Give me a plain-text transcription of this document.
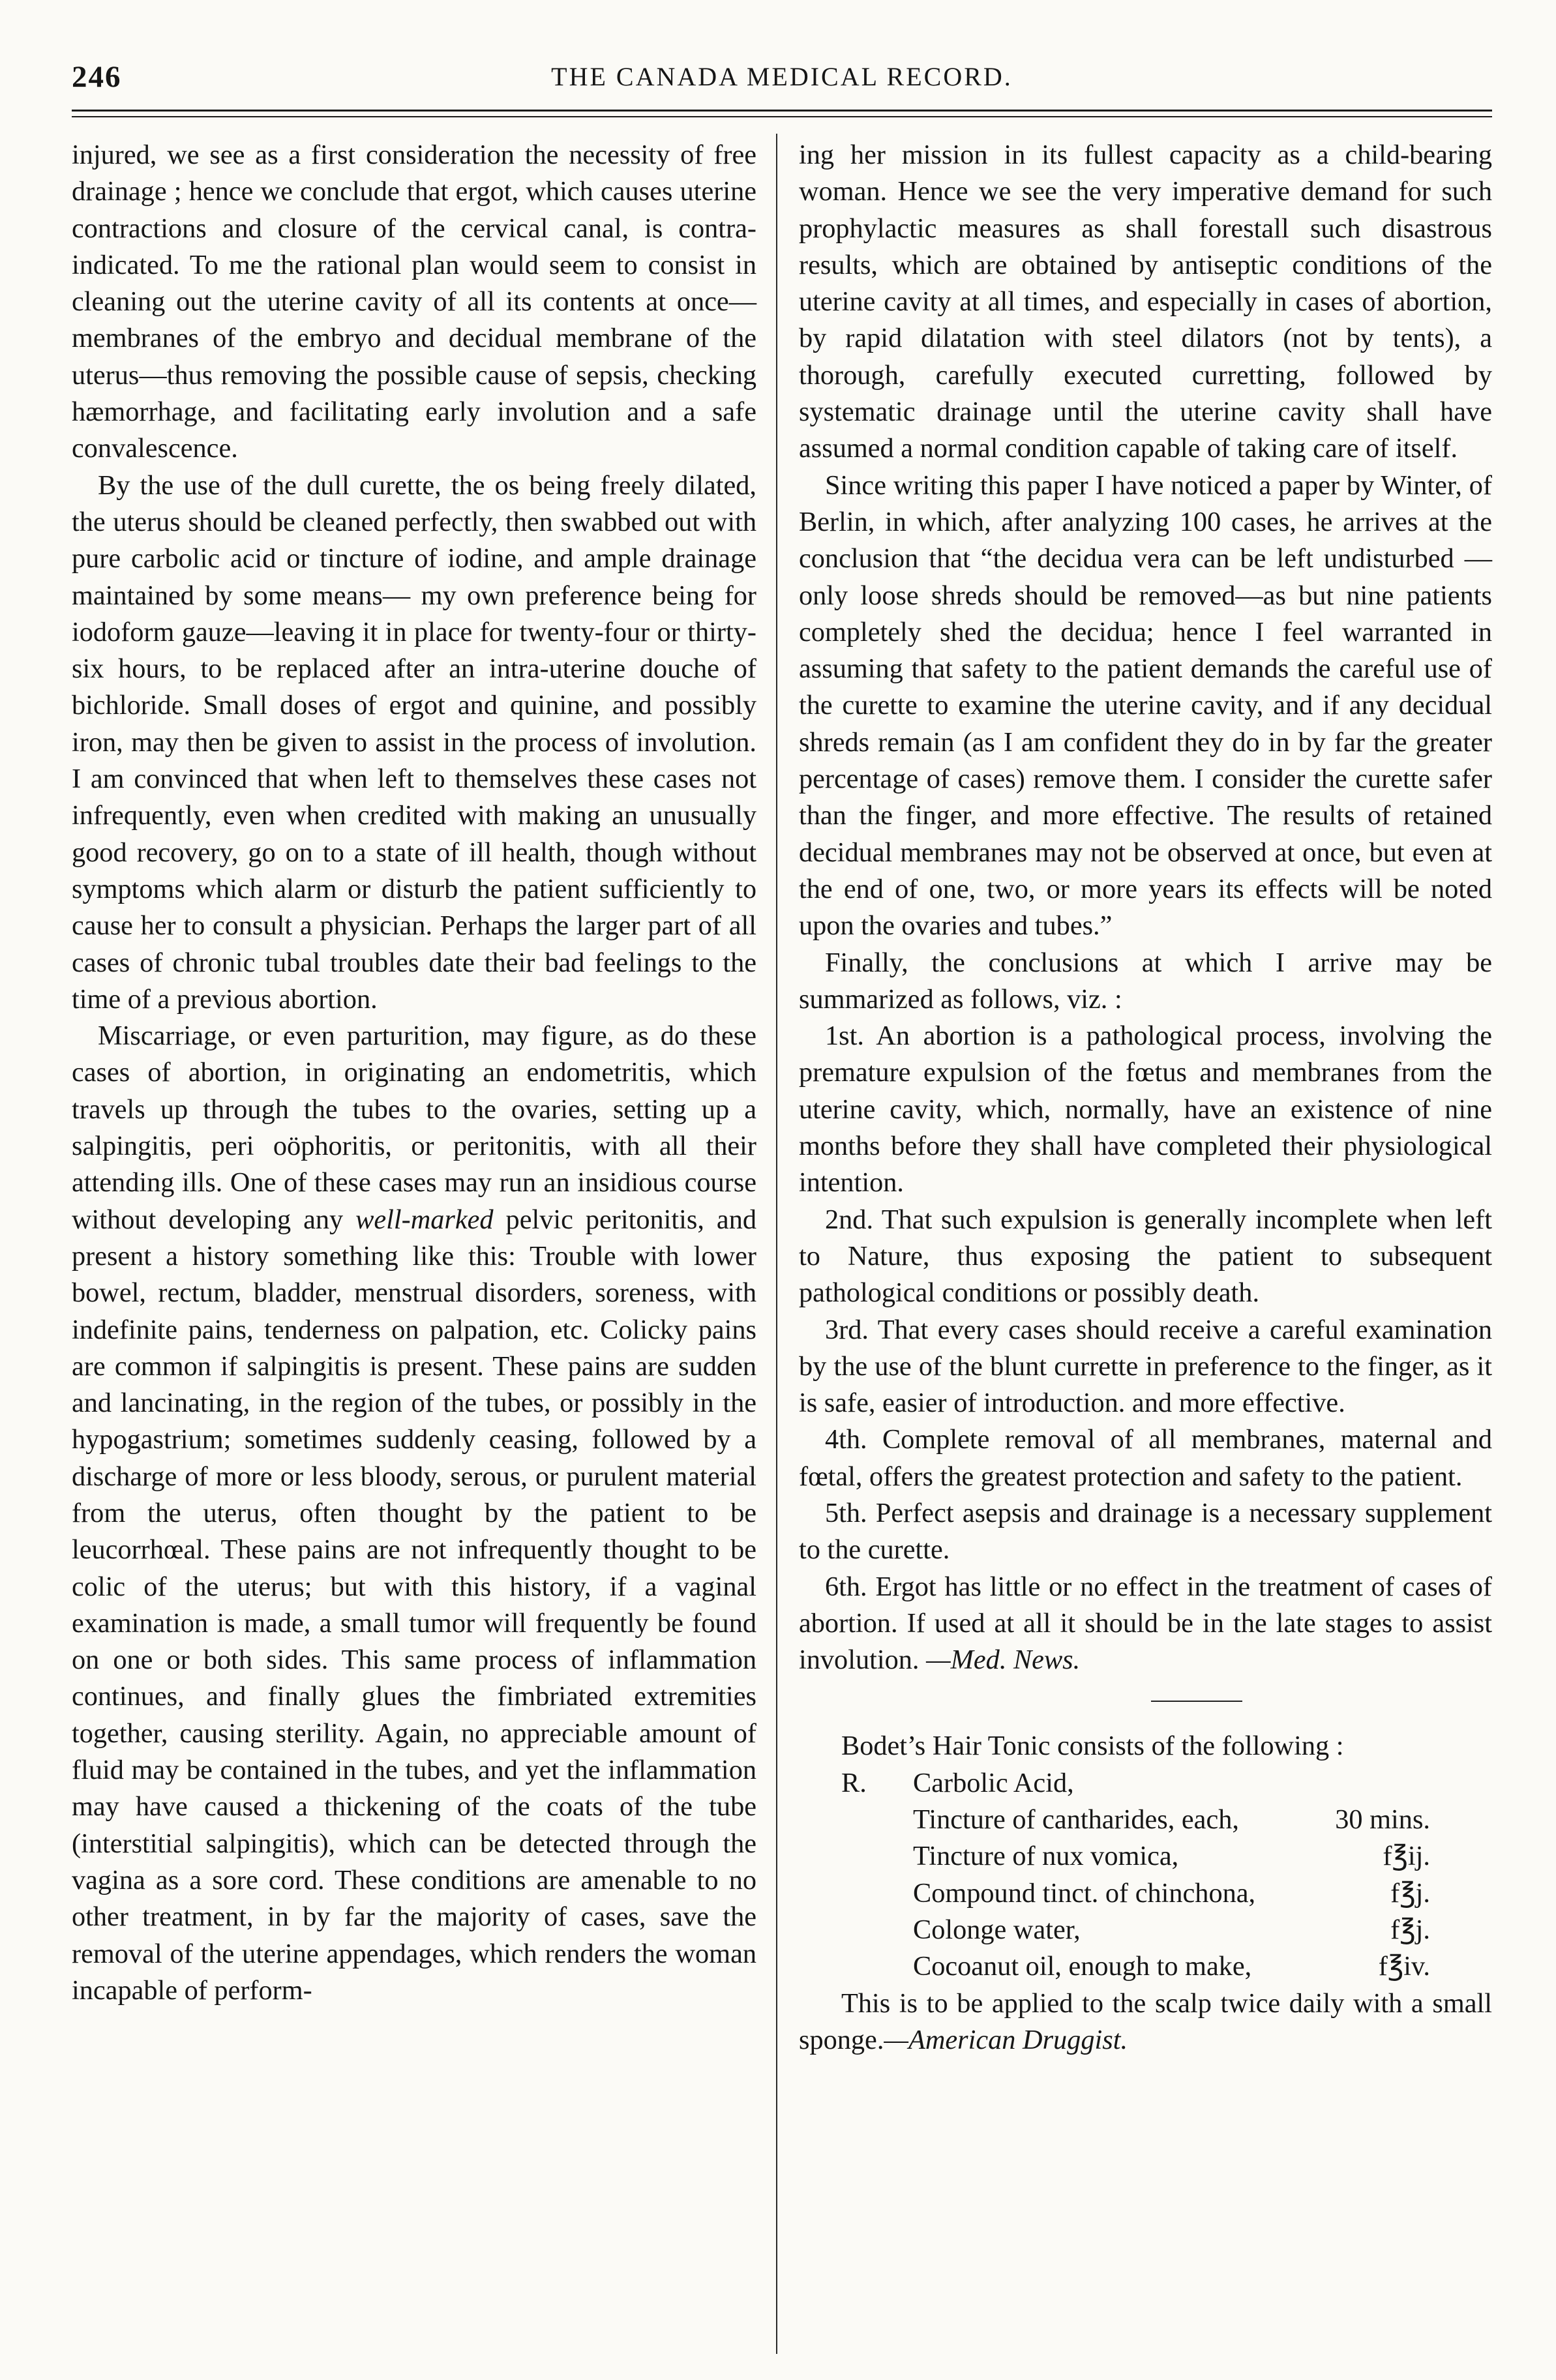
246	THE CANADA MEDICAL RECORD.

injured, we see as a first consideration the necessity of free drainage ; hence we conclude that ergot, which causes uterine contractions and closure of the cervical canal, is contra-indicated. To me the rational plan would seem to consist in cleaning out the uterine cavity of all its contents at once—membranes of the embryo and decidual membrane of the uterus—thus removing the possible cause of sepsis, checking hæmorrhage, and facilitating early involution and a safe convalescence.

By the use of the dull curette, the os being freely dilated, the uterus should be cleaned perfectly, then swabbed out with pure carbolic acid or tincture of iodine, and ample drainage maintained by some means— my own preference being for iodoform gauze—leaving it in place for twenty-four or thirty-six hours, to be replaced after an intra-uterine douche of bichloride. Small doses of ergot and quinine, and possibly iron, may then be given to assist in the process of involution. I am convinced that when left to themselves these cases not infrequently, even when credited with making an unusually good recovery, go on to a state of ill health, though without symptoms which alarm or disturb the patient sufficiently to cause her to consult a physician. Perhaps the larger part of all cases of chronic tubal troubles date their bad feelings to the time of a previous abortion.

Miscarriage, or even parturition, may figure, as do these cases of abortion, in originating an endometritis, which travels up through the tubes to the ovaries, setting up a salpingitis, peri oöphoritis, or peritonitis, with all their attending ills. One of these cases may run an insidious course without developing any well-marked pelvic peritonitis, and present a history something like this: Trouble with lower bowel, rectum, bladder, menstrual disorders, soreness, with indefinite pains, tenderness on palpation, etc. Colicky pains are common if salpingitis is present. These pains are sudden and lancinating, in the region of the tubes, or possibly in the hypogastrium; sometimes suddenly ceasing, followed by a discharge of more or less bloody, serous, or purulent material from the uterus, often thought by the patient to be leucorrhœal. These pains are not infrequently thought to be colic of the uterus; but with this history, if a vaginal examination is made, a small tumor will frequently be found on one or both sides. This same process of inflammation continues, and finally glues the fimbriated extremities together, causing sterility. Again, no appreciable amount of fluid may be contained in the tubes, and yet the inflammation may have caused a thickening of the coats of the tube (interstitial salpingitis), which can be detected through the vagina as a sore cord. These conditions are amenable to no other treatment, in by far the majority of cases, save the removal of the uterine appendages, which renders the woman incapable of perform-

ing her mission in its fullest capacity as a child-bearing woman. Hence we see the very imperative demand for such prophylactic measures as shall forestall such disastrous results, which are obtained by antiseptic conditions of the uterine cavity at all times, and especially in cases of abortion, by rapid dilatation with steel dilators (not by tents), a thorough, carefully executed curretting, followed by systematic drainage until the uterine cavity shall have assumed a normal condition capable of taking care of itself.

Since writing this paper I have noticed a paper by Winter, of Berlin, in which, after analyzing 100 cases, he arrives at the conclusion that “the decidua vera can be left undisturbed —only loose shreds should be removed—as but nine patients completely shed the decidua; hence I feel warranted in assuming that safety to the patient demands the careful use of the curette to examine the uterine cavity, and if any decidual shreds remain (as I am confident they do in by far the greater percentage of cases) remove them. I consider the curette safer than the finger, and more effective. The results of retained decidual membranes may not be observed at once, but even at the end of one, two, or more years its effects will be noted upon the ovaries and tubes.”

Finally, the conclusions at which I arrive may be summarized as follows, viz. :

1st. An abortion is a pathological process, involving the premature expulsion of the fœtus and membranes from the uterine cavity, which, normally, have an existence of nine months before they shall have completed their physiological intention.

2nd. That such expulsion is generally incomplete when left to Nature, thus exposing the patient to subsequent pathological conditions or possibly death.

3rd. That every cases should receive a careful examination by the use of the blunt currette in preference to the finger, as it is safe, easier of introduction. and more effective.

4th. Complete removal of all membranes, maternal and fœtal, offers the greatest protection and safety to the patient.

5th. Perfect asepsis and drainage is a necessary supplement to the curette.

6th. Ergot has little or no effect in the treatment of cases of abortion. If used at all it should be in the late stages to assist involution. —Med. News.

Bodet’s Hair Tonic consists of the following :

R.	Carbolic Acid,
Tincture of cantharides, each,	30 mins.
Tincture of nux vomica,	f℥ij.
Compound tinct. of chinchona,	f℥j.
Colonge water,	f℥j.
Cocoanut oil, enough to make,	f℥iv.

This is to be applied to the scalp twice daily with a small sponge.—American Druggist.
